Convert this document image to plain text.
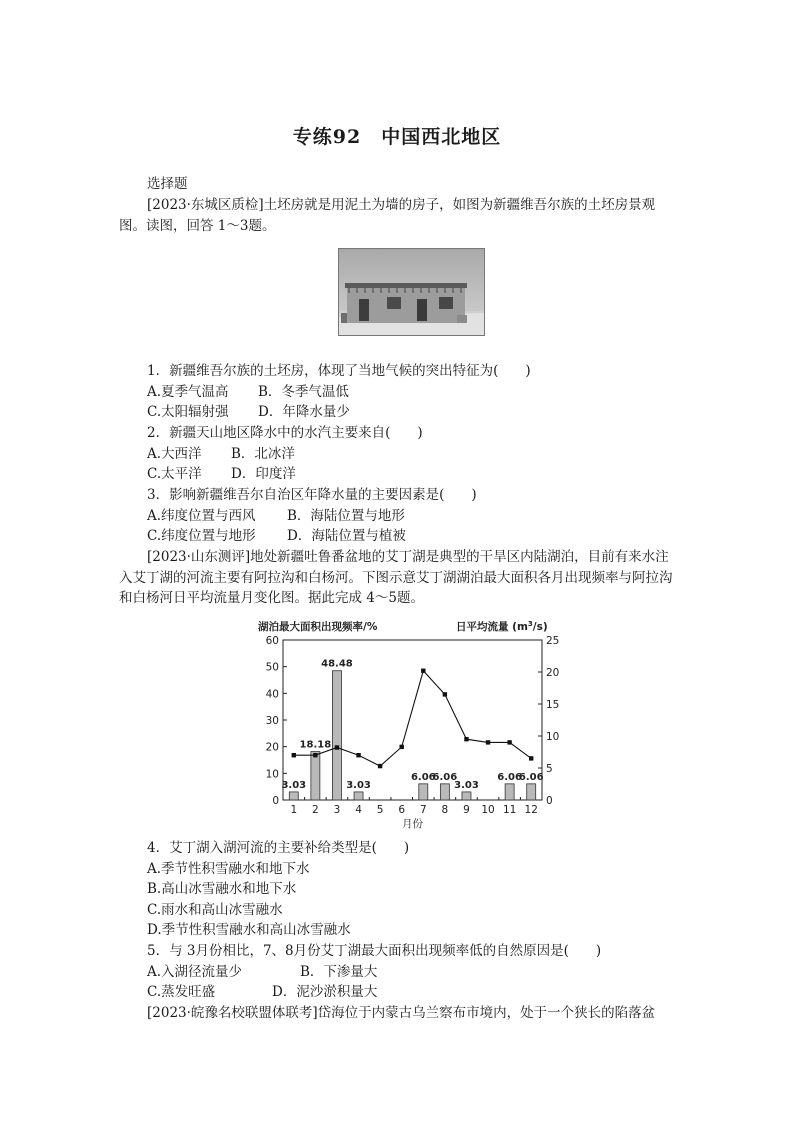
专练92　中国西北地区
选择题
[2023·东城区质检]土坯房就是用泥土为墙的房子，如图为新疆维吾尔族的土坯房景观图。读图，回答 1～3题。
1．新疆维吾尔族的土坯房，体现了当地气候的突出特征为(　　)
A.夏季气温高 B．冬季气温低
C.太阳辐射强 D．年降水量少
2．新疆天山地区降水中的水汽主要来自(　　)
A.大西洋 B．北冰洋
C.太平洋 D．印度洋
3．影响新疆维吾尔自治区年降水量的主要因素是(　　)
A.纬度位置与西风 B．海陆位置与地形
C.纬度位置与地形 D．海陆位置与植被
[2023·山东测评]地处新疆吐鲁番盆地的艾丁湖是典型的干旱区内陆湖泊，目前有来水注入艾丁湖的河流主要有阿拉沟和白杨河。下图示意艾丁湖湖泊最大面积各月出现频率与阿拉沟和白杨河日平均流量月变化图。据此完成 4～5题。
湖泊最大面积出现频率/%	日平均流量 $(m^3/s)$
0
10
20
30
40
50
60
0
5
10
15
20
25
1 2 3 4 5 6 7 8 9 10 11 12
月份
3.03
18.18
48.48
3.03
6.06
6.06
3.03
6.06
6.06
4．艾丁湖入湖河流的主要补给类型是(　　)
A.季节性积雪融水和地下水
B.高山冰雪融水和地下水
C.雨水和高山冰雪融水
D.季节性积雪融水和高山冰雪融水
5．与 3月份相比，7、8月份艾丁湖最大面积出现频率低的自然原因是(　　)
A.入湖径流量少	B．下渗量大
C.蒸发旺盛	D．泥沙淤积量大
[2023·皖豫名校联盟体联考]岱海位于内蒙古乌兰察布市境内，处于一个狭长的陷落盆
